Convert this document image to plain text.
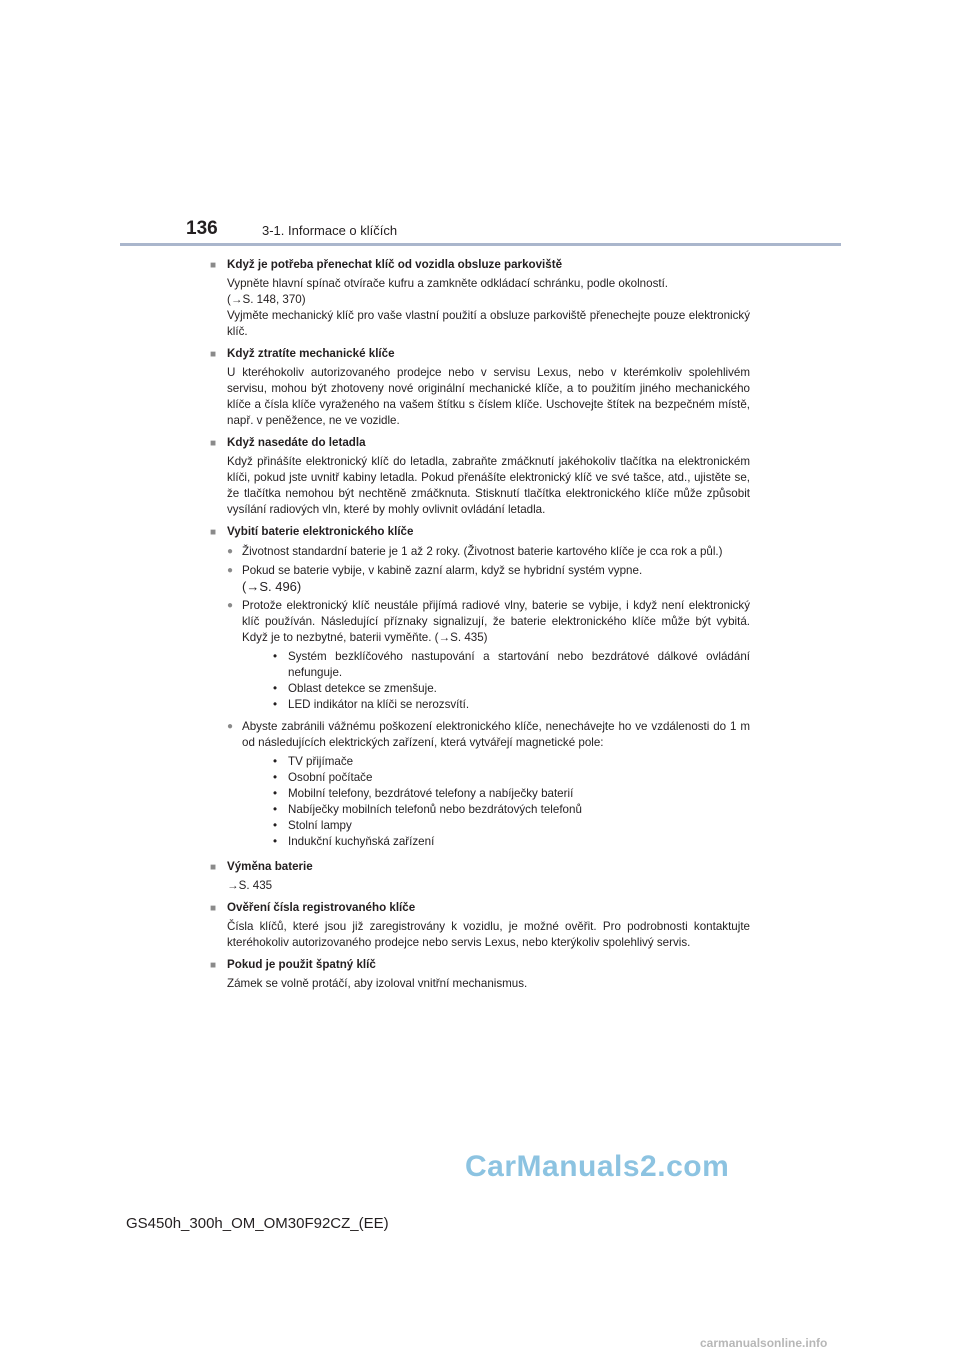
136	3-1. Informace o klíčích
■ Když je potřeba přenechat klíč od vozidla obsluze parkoviště
Vypněte hlavní spínač otvírače kufru a zamkněte odkládací schránku, podle okolností.
(→S. 148, 370)
Vyjměte mechanický klíč pro vaše vlastní použití a obsluze parkoviště přenechejte pouze elektronický klíč.
■ Když ztratíte mechanické klíče
U kteréhokoliv autorizovaného prodejce nebo v servisu Lexus, nebo v kterémkoliv spolehlivém servisu, mohou být zhotoveny nové originální mechanické klíče, a to použitím jiného mechanického klíče a čísla klíče vyraženého na vašem štítku s číslem klíče. Uschovejte štítek na bezpečném místě, např. v peněžence, ne ve vozidle.
■ Když nasedáte do letadla
Když přinášíte elektronický klíč do letadla, zabraňte zmáčknutí jakéhokoliv tlačítka na elektronickém klíči, pokud jste uvnitř kabiny letadla. Pokud přenášíte elektronický klíč ve své tašce, atd., ujistěte se, že tlačítka nemohou být nechtěně zmáčknuta. Stisknutí tlačítka elektronického klíče může způsobit vysílání radiových vln, které by mohly ovlivnit ovládání letadla.
■ Vybití baterie elektronického klíče
● Životnost standardní baterie je 1 až 2 roky. (Životnost baterie kartového klíče je cca rok a půl.)
● Pokud se baterie vybije, v kabině zazní alarm, když se hybridní systém vypne.
(→S. 496)
● Protože elektronický klíč neustále přijímá radiové vlny, baterie se vybije, i když není elektronický klíč používán. Následující příznaky signalizují, že baterie elektronického klíče může být vybitá. Když je to nezbytné, baterii vyměňte. (→S. 435)
• Systém bezklíčového nastupování a startování nebo bezdrátové dálkové ovládání nefunguje.
• Oblast detekce se zmenšuje.
• LED indikátor na klíči se nerozsvítí.
● Abyste zabránili vážnému poškození elektronického klíče, nenechávejte ho ve vzdálenosti do 1 m od následujících elektrických zařízení, která vytvářejí magnetické pole:
• TV přijímače
• Osobní počítače
• Mobilní telefony, bezdrátové telefony a nabíječky baterií
• Nabíječky mobilních telefonů nebo bezdrátových telefonů
• Stolní lampy
• Indukční kuchyňská zařízení
■ Výměna baterie
→S. 435
■ Ověření čísla registrovaného klíče
Čísla klíčů, které jsou již zaregistrovány k vozidlu, je možné ověřit. Pro podrobnosti kontaktujte kteréhokoliv autorizovaného prodejce nebo servis Lexus, nebo kterýkoliv spolehlivý servis.
■ Pokud je použit špatný klíč
Zámek se volně protáčí, aby izoloval vnitřní mechanismus.
CarManuals2.com
GS450h_300h_OM_OM30F92CZ_(EE)
carmanualsonline.info
